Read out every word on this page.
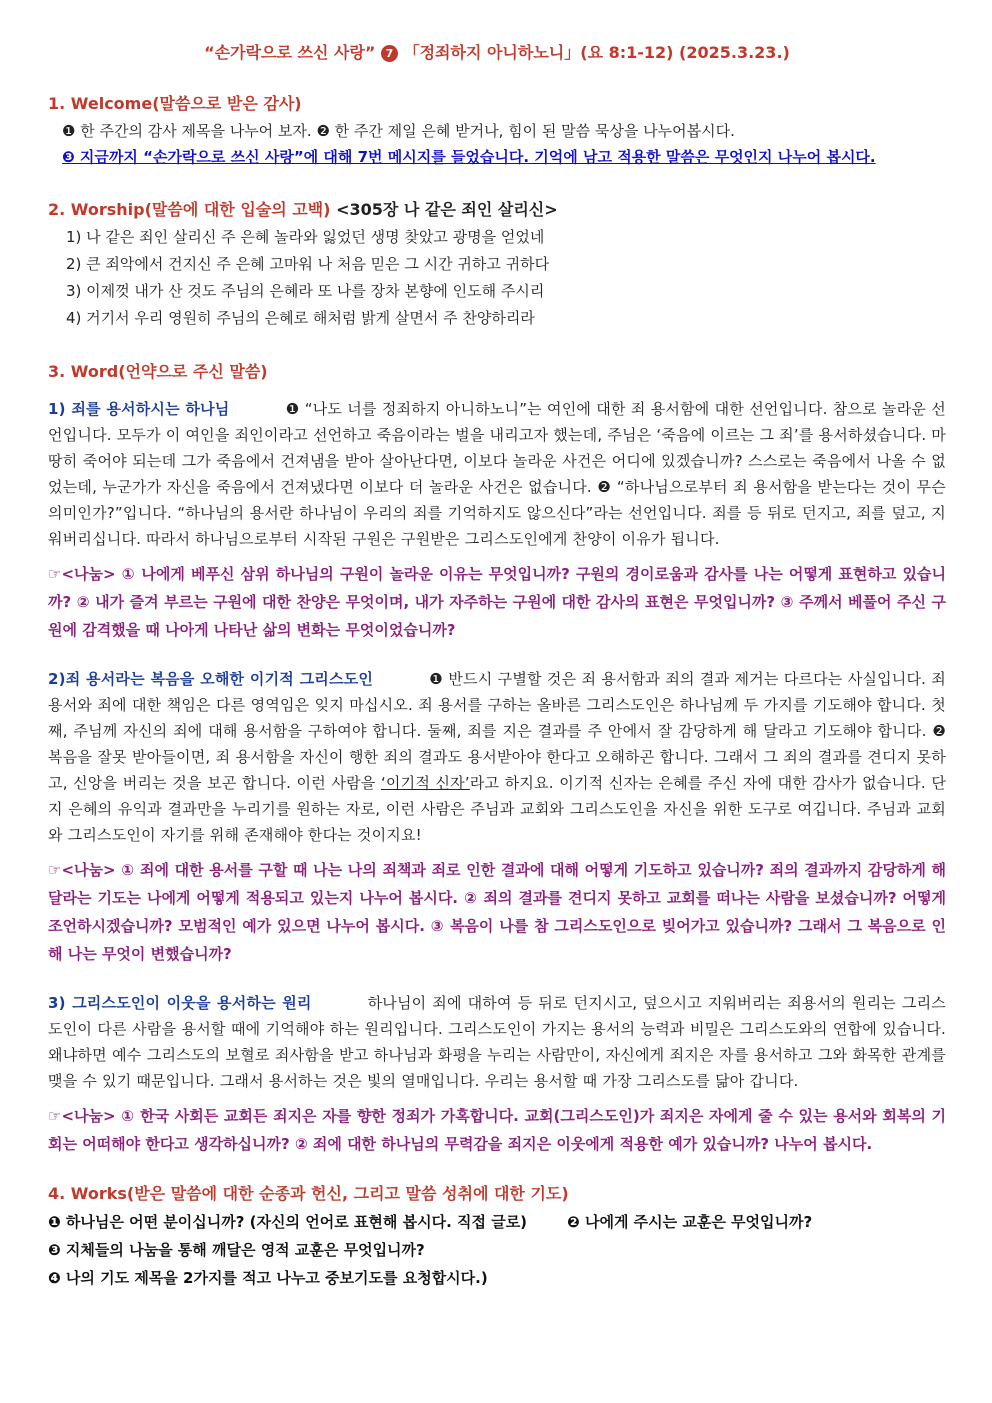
“손가락으로 쓰신 사랑” 7 「정죄하지 아니하노니」(요 8:1-12) (2025.3.23.)

1. Welcome(말씀으로 받은 감사)

❶ 한 주간의 감사 제목을 나누어 보자. ❷ 한 주간 제일 은혜 받거나, 힘이 된 말씀 묵상을 나누어봅시다.

❸ 지금까지 “손가락으로 쓰신 사랑”에 대해 7번 메시지를 들었습니다. 기억에 남고 적용한 말씀은 무엇인지 나누어 봅시다.

2. Worship(말씀에 대한 입술의 고백) <305장 나 같은 죄인 살리신>

1) 나 같은 죄인 살리신 주 은혜 놀라와 잃었던 생명 찾았고 광명을 얻었네

2) 큰 죄악에서 건지신 주 은혜 고마워 나 처음 믿은 그 시간 귀하고 귀하다

3) 이제껏 내가 산 것도 주님의 은혜라 또 나를 장차 본향에 인도해 주시리

4) 거기서 우리 영원히 주님의 은혜로 해처럼 밝게 살면서 주 찬양하리라

3. Word(언약으로 주신 말씀)

1) 죄를 용서하시는 하나님	❶ “나도 너를 정죄하지 아니하노니”는 여인에 대한 죄 용서함에 대한 선언입니다. 참으로 놀라운 선언입니다. 모두가 이 여인을 죄인이라고 선언하고 죽음이라는 벌을 내리고자 했는데, 주님은 ‘죽음에 이르는 그 죄’를 용서하셨습니다. 마땅히 죽어야 되는데 그가 죽음에서 건져냄을 받아 살아난다면, 이보다 놀라운 사건은 어디에 있겠습니까? 스스로는 죽음에서 나올 수 없었는데, 누군가가 자신을 죽음에서 건져냈다면 이보다 더 놀라운 사건은 없습니다. ❷ “하나님으로부터 죄 용서함을 받는다는 것이 무슨 의미인가?”입니다. “하나님의 용서란 하나님이 우리의 죄를 기억하지도 않으신다”라는 선언입니다. 죄를 등 뒤로 던지고, 죄를 덮고, 지워버리십니다. 따라서 하나님으로부터 시작된 구원은 구원받은 그리스도인에게 찬양이 이유가 됩니다.

☞<나눔> ① 나에게 베푸신 삼위 하나님의 구원이 놀라운 이유는 무엇입니까? 구원의 경이로움과 감사를 나는 어떻게 표현하고 있습니까? ② 내가 즐겨 부르는 구원에 대한 찬양은 무엇이며, 내가 자주하는 구원에 대한 감사의 표현은 무엇입니까? ③ 주께서 베풀어 주신 구원에 감격했을 때 나아게 나타난 삶의 변화는 무엇이었습니까?

2)죄 용서라는 복음을 오해한 이기적 그리스도인	❶ 반드시 구별할 것은 죄 용서함과 죄의 결과 제거는 다르다는 사실입니다. 죄 용서와 죄에 대한 책임은 다른 영역임은 잊지 마십시오. 죄 용서를 구하는 올바른 그리스도인은 하나님께 두 가지를 기도해야 합니다. 첫째, 주님께 자신의 죄에 대해 용서함을 구하여야 합니다. 둘째, 죄를 지은 결과를 주 안에서 잘 감당하게 해 달라고 기도해야 합니다. ❷ 복음을 잘못 받아들이면, 죄 용서함을 자신이 행한 죄의 결과도 용서받아야 한다고 오해하곤 합니다. 그래서 그 죄의 결과를 견디지 못하고, 신앙을 버리는 것을 보곤 합니다. 이런 사람을 ‘이기적 신자’라고 하지요. 이기적 신자는 은혜를 주신 자에 대한 감사가 없습니다. 단지 은혜의 유익과 결과만을 누리기를 원하는 자로, 이런 사람은 주님과 교회와 그리스도인을 자신을 위한 도구로 여깁니다. 주님과 교회와 그리스도인이 자기를 위해 존재해야 한다는 것이지요!

☞<나눔> ① 죄에 대한 용서를 구할 때 나는 나의 죄책과 죄로 인한 결과에 대해 어떻게 기도하고 있습니까? 죄의 결과까지 감당하게 해 달라는 기도는 나에게 어떻게 적용되고 있는지 나누어 봅시다. ② 죄의 결과를 견디지 못하고 교회를 떠나는 사람을 보셨습니까? 어떻게 조언하시겠습니까? 모범적인 예가 있으면 나누어 봅시다. ③ 복음이 나를 참 그리스도인으로 빚어가고 있습니까? 그래서 그 복음으로 인해 나는 무엇이 변했습니까?

3) 그리스도인이 이웃을 용서하는 원리	하나님이 죄에 대하여 등 뒤로 던지시고, 덮으시고 지워버리는 죄용서의 원리는 그리스도인이 다른 사람을 용서할 때에 기억해야 하는 원리입니다. 그리스도인이 가지는 용서의 능력과 비밀은 그리스도와의 연합에 있습니다. 왜냐하면 예수 그리스도의 보혈로 죄사함을 받고 하나님과 화평을 누리는 사람만이, 자신에게 죄지은 자를 용서하고 그와 화목한 관계를 맺을 수 있기 때문입니다. 그래서 용서하는 것은 빛의 열매입니다. 우리는 용서할 때 가장 그리스도를 닮아 갑니다.

☞<나눔> ① 한국 사회든 교회든 죄지은 자를 향한 정죄가 가혹합니다. 교회(그리스도인)가 죄지은 자에게 줄 수 있는 용서와 회복의 기회는 어떠해야 한다고 생각하십니까? ② 죄에 대한 하나님의 무력감을 죄지은 이웃에게 적용한 예가 있습니까? 나누어 봅시다.

4. Works(받은 말씀에 대한 순종과 헌신, 그리고 말씀 성취에 대한 기도)

❶ 하나님은 어떤 분이십니까? (자신의 언어로 표현해 봅시다. 직접 글로)	❷ 나에게 주시는 교훈은 무엇입니까?

❸ 지체들의 나눔을 통해 깨달은 영적 교훈은 무엇입니까?

❹ 나의 기도 제목을 2가지를 적고 나누고 중보기도를 요청합시다.)
